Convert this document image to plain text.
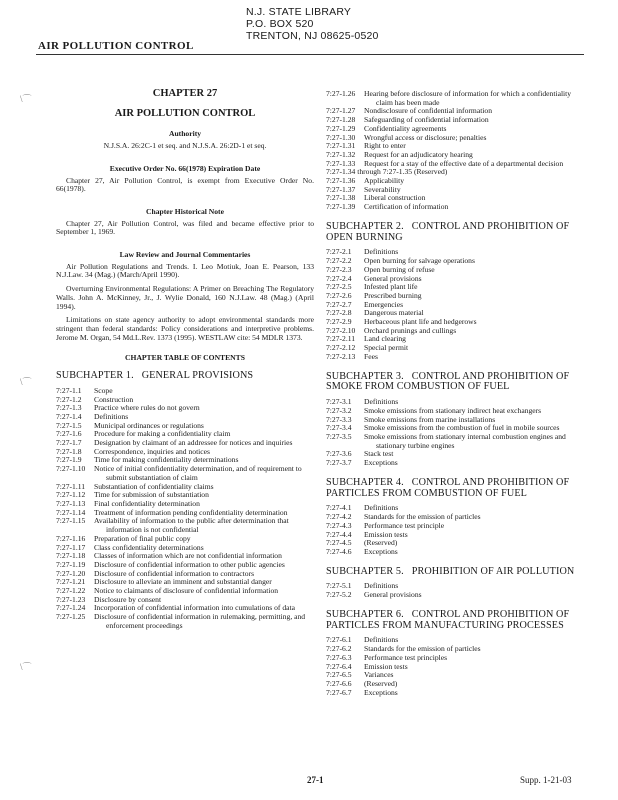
N.J. STATE LIBRARY
P.O. BOX 520
TRENTON, NJ 08625-0520
AIR POLLUTION CONTROL
\⌒
\⌒
\⌒
CHAPTER 27
AIR POLLUTION CONTROL
Authority
N.J.S.A. 26:2C-1 et seq. and N.J.S.A. 26:2D-1 et seq.
Executive Order No. 66(1978) Expiration Date

Chapter 27, Air Pollution Control, is exempt from Executive Order No. 66(1978).

Chapter Historical Note

Chapter 27, Air Pollution Control, was filed and became effective prior to September 1, 1969.

Law Review and Journal Commentaries

Air Pollution Regulations and Trends. I. Leo Motiuk, Joan E. Pearson, 133 N.J.Law. 34 (Mag.) (March/April 1990).

Overturning Environmental Regulations: A Primer on Breaching The Regulatory Walls. John A. McKinney, Jr., J. Wylie Donald, 160 N.J.Law. 48 (Mag.) (April 1994).

Limitations on state agency authority to adopt environmental standards more stringent than federal standards: Policy considerations and interpretive problems. Jerome M. Organ, 54 Md.L.Rev. 1373 (1995). WESTLAW cite: 54 MDLR 1373.

CHAPTER TABLE OF CONTENTS
SUBCHAPTER 1. GENERAL PROVISIONS
7:27-1.1	Scope
7:27-1.2	Construction
7:27-1.3	Practice where rules do not govern
7:27-1.4	Definitions
7:27-1.5	Municipal ordinances or regulations
7:27-1.6	Procedure for making a confidentiality claim
7:27-1.7	Designation by claimant of an addressee for notices and inquiries
7:27-1.8	Correspondence, inquiries and notices
7:27-1.9	Time for making confidentiality determinations
7:27-1.10	Notice of initial confidentiality determination, and of requirement to submit substantiation of claim
7:27-1.11	Substantiation of confidentiality claims
7:27-1.12	Time for submission of substantiation
7:27-1.13	Final confidentiality determination
7:27-1.14	Treatment of information pending confidentiality determination
7:27-1.15	Availability of information to the public after determination that information is not confidential
7:27-1.16	Preparation of final public copy
7:27-1.17	Class confidentiality determinations
7:27-1.18	Classes of information which are not confidential information
7:27-1.19	Disclosure of confidential information to other public agencies
7:27-1.20	Disclosure of confidential information to contractors
7:27-1.21	Disclosure to alleviate an imminent and substantial danger
7:27-1.22	Notice to claimants of disclosure of confidential information
7:27-1.23	Disclosure by consent
7:27-1.24	Incorporation of confidential information into cumulations of data
7:27-1.25	Disclosure of confidential information in rulemaking, permitting, and enforcement proceedings
7:27-1.26	Hearing before disclosure of information for which a confidentiality claim has been made
7:27-1.27	Nondisclosure of confidential information
7:27-1.28	Safeguarding of confidential information
7:27-1.29	Confidentiality agreements
7:27-1.30	Wrongful access or disclosure; penalties
7:27-1.31	Right to enter
7:27-1.32	Request for an adjudicatory hearing
7:27-1.33	Request for a stay of the effective date of a departmental decision
7:27-1.34 through 7:27-1.35 (Reserved)
7:27-1.36	Applicability
7:27-1.37	Severability
7:27-1.38	Liberal construction
7:27-1.39	Certification of information
SUBCHAPTER 2. CONTROL AND PROHIBITION OF OPEN BURNING
7:27-2.1	Definitions
7:27-2.2	Open burning for salvage operations
7:27-2.3	Open burning of refuse
7:27-2.4	General provisions
7:27-2.5	Infested plant life
7:27-2.6	Prescribed burning
7:27-2.7	Emergencies
7:27-2.8	Dangerous material
7:27-2.9	Herbaceous plant life and hedgerows
7:27-2.10	Orchard prunings and cullings
7:27-2.11	Land clearing
7:27-2.12	Special permit
7:27-2.13	Fees
SUBCHAPTER 3. CONTROL AND PROHIBITION OF SMOKE FROM COMBUSTION OF FUEL
7:27-3.1	Definitions
7:27-3.2	Smoke emissions from stationary indirect heat exchangers
7:27-3.3	Smoke emissions from marine installations
7:27-3.4	Smoke emissions from the combustion of fuel in mobile sources
7:27-3.5	Smoke emissions from stationary internal combustion engines and stationary turbine engines
7:27-3.6	Stack test
7:27-3.7	Exceptions
SUBCHAPTER 4. CONTROL AND PROHIBITION OF PARTICLES FROM COMBUSTION OF FUEL
7:27-4.1	Definitions
7:27-4.2	Standards for the emission of particles
7:27-4.3	Performance test principle
7:27-4.4	Emission tests
7:27-4.5	(Reserved)
7:27-4.6	Exceptions
SUBCHAPTER 5. PROHIBITION OF AIR POLLUTION
7:27-5.1	Definitions
7:27-5.2	General provisions
SUBCHAPTER 6. CONTROL AND PROHIBITION OF PARTICLES FROM MANUFACTURING PROCESSES
7:27-6.1	Definitions
7:27-6.2	Standards for the emission of particles
7:27-6.3	Performance test principles
7:27-6.4	Emission tests
7:27-6.5	Variances
7:27-6.6	(Reserved)
7:27-6.7	Exceptions
27-1	Supp. 1-21-03
